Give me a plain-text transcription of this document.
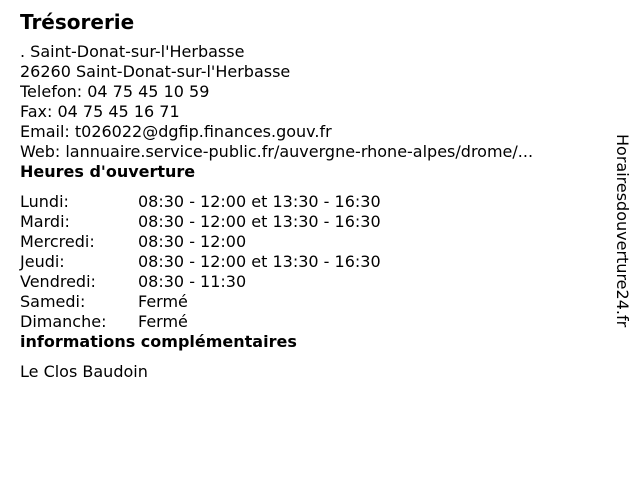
Trésorerie
. Saint-Donat-sur-l'Herbasse
26260 Saint-Donat-sur-l'Herbasse
Telefon: 04 75 45 10 59
Fax: 04 75 45 16 71
Email: t026022@dgfip.finances.gouv.fr
Web: lannuaire.service-public.fr/auvergne-rhone-alpes/drome/...
Heures d'ouverture
Lundi:	08:30 - 12:00 et 13:30 - 16:30
Mardi:	08:30 - 12:00 et 13:30 - 16:30
Mercredi:	08:30 - 12:00
Jeudi:	08:30 - 12:00 et 13:30 - 16:30
Vendredi:	08:30 - 11:30
Samedi:	Fermé
Dimanche:	Fermé
informations complémentaires
Le Clos Baudoin
Horairesdouverture24.fr
